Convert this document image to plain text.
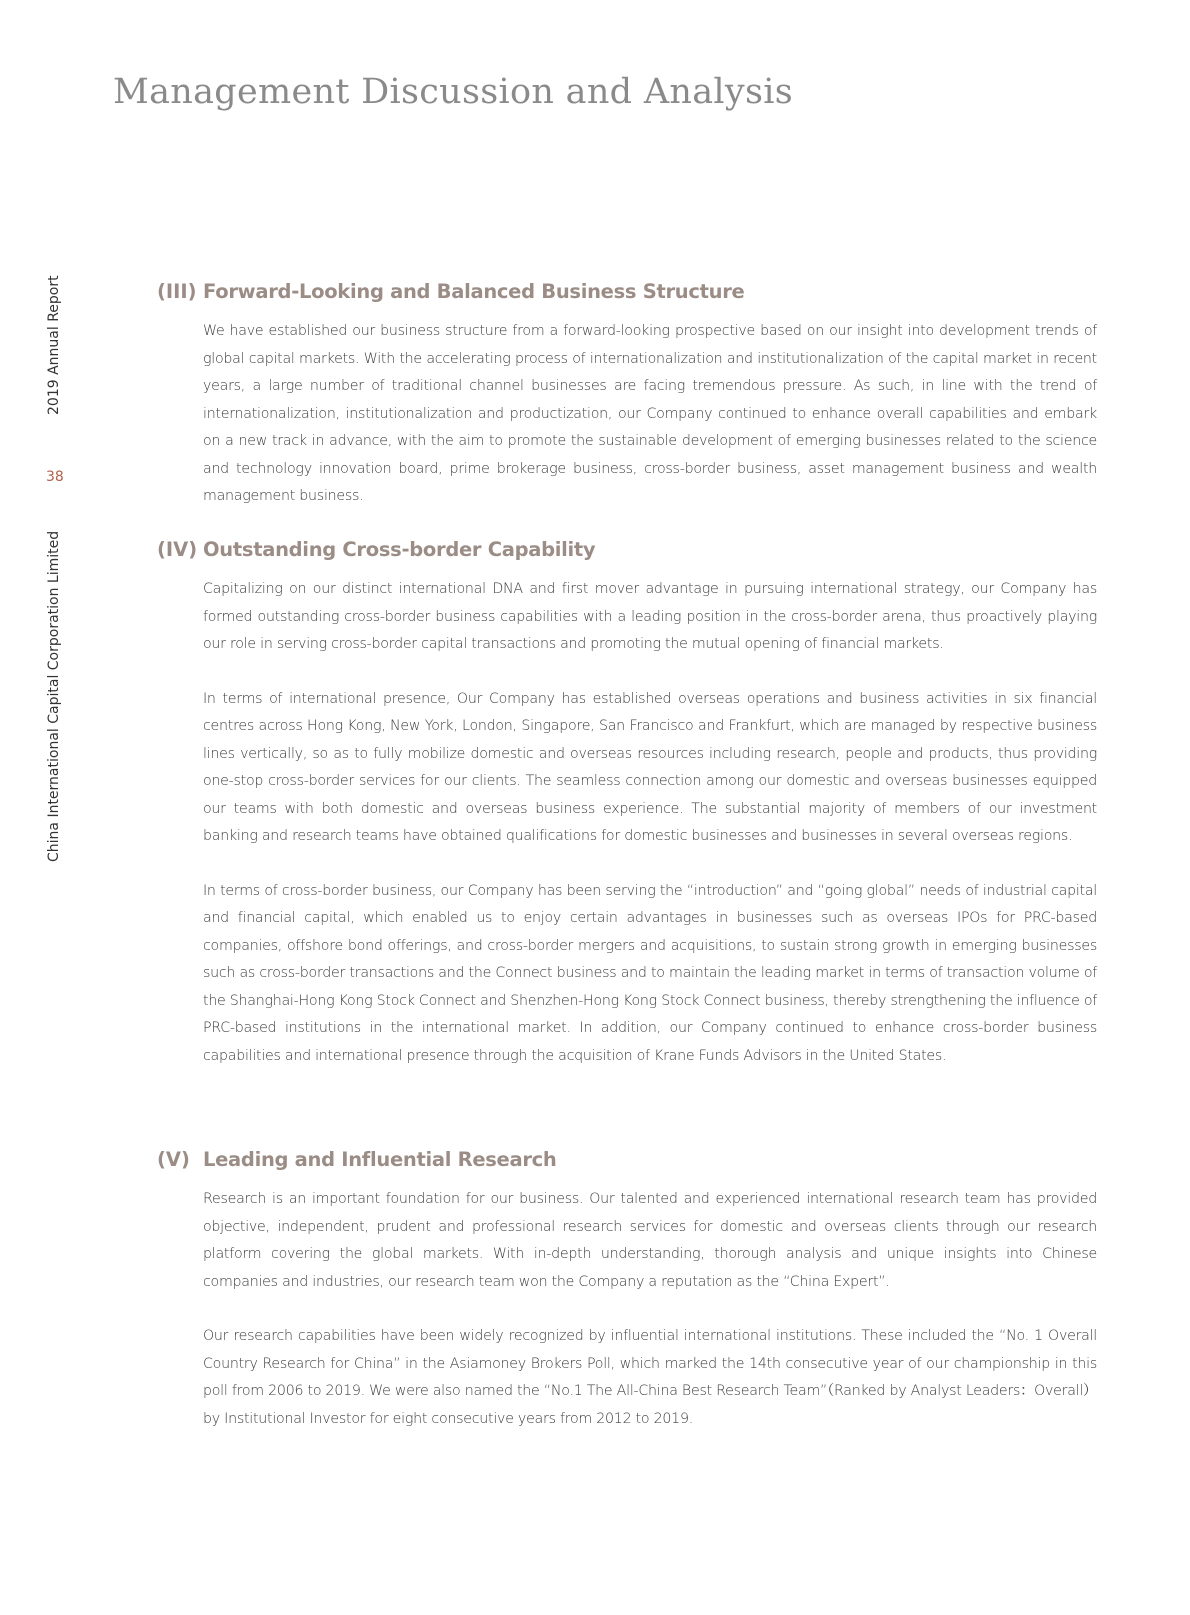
Management Discussion and Analysis
2019 Annual Report
38
China International Capital Corporation Limited
(III) Forward-Looking and Balanced Business Structure

We have established our business structure from a forward-looking prospective based on our insight into development trends of global capital markets. With the accelerating process of internationalization and institutionalization of the capital market in recent years, a large number of traditional channel businesses are facing tremendous pressure. As such, in line with the trend of internationalization, institutionalization and productization, our Company continued to enhance overall capabilities and embark on a new track in advance, with the aim to promote the sustainable development of emerging businesses related to the science and technology innovation board, prime brokerage business, cross-border business, asset management business and wealth management business.

(IV) Outstanding Cross-border Capability

Capitalizing on our distinct international DNA and first mover advantage in pursuing international strategy, our Company has formed outstanding cross-border business capabilities with a leading position in the cross-border arena, thus proactively playing our role in serving cross-border capital transactions and promoting the mutual opening of financial markets.

In terms of international presence, Our Company has established overseas operations and business activities in six financial centres across Hong Kong, New York, London, Singapore, San Francisco and Frankfurt, which are managed by respective business lines vertically, so as to fully mobilize domestic and overseas resources including research, people and products, thus providing one-stop cross-border services for our clients. The seamless connection among our domestic and overseas businesses equipped our teams with both domestic and overseas business experience. The substantial majority of members of our investment banking and research teams have obtained qualifications for domestic businesses and businesses in several overseas regions.

In terms of cross-border business, our Company has been serving the “introduction” and “going global” needs of industrial capital and financial capital, which enabled us to enjoy certain advantages in businesses such as overseas IPOs for PRC-based companies, offshore bond offerings, and cross-border mergers and acquisitions, to sustain strong growth in emerging businesses such as cross-border transactions and the Connect business and to maintain the leading market in terms of transaction volume of the Shanghai-Hong Kong Stock Connect and Shenzhen-Hong Kong Stock Connect business, thereby strengthening the influence of PRC-based institutions in the international market. In addition, our Company continued to enhance cross-border business capabilities and international presence through the acquisition of Krane Funds Advisors in the United States.

(V) Leading and Influential Research

Research is an important foundation for our business. Our talented and experienced international research team has provided objective, independent, prudent and professional research services for domestic and overseas clients through our research platform covering the global markets. With in-depth understanding, thorough analysis and unique insights into Chinese companies and industries, our research team won the Company a reputation as the “China Expert”.

Our research capabilities have been widely recognized by influential international institutions. These included the “No. 1 Overall Country Research for China” in the Asiamoney Brokers Poll, which marked the 14th consecutive year of our championship in this poll from 2006 to 2019. We were also named the “No.1 The All-China Best Research Team”（Ranked by Analyst Leaders：Overall）by Institutional Investor for eight consecutive years from 2012 to 2019.
